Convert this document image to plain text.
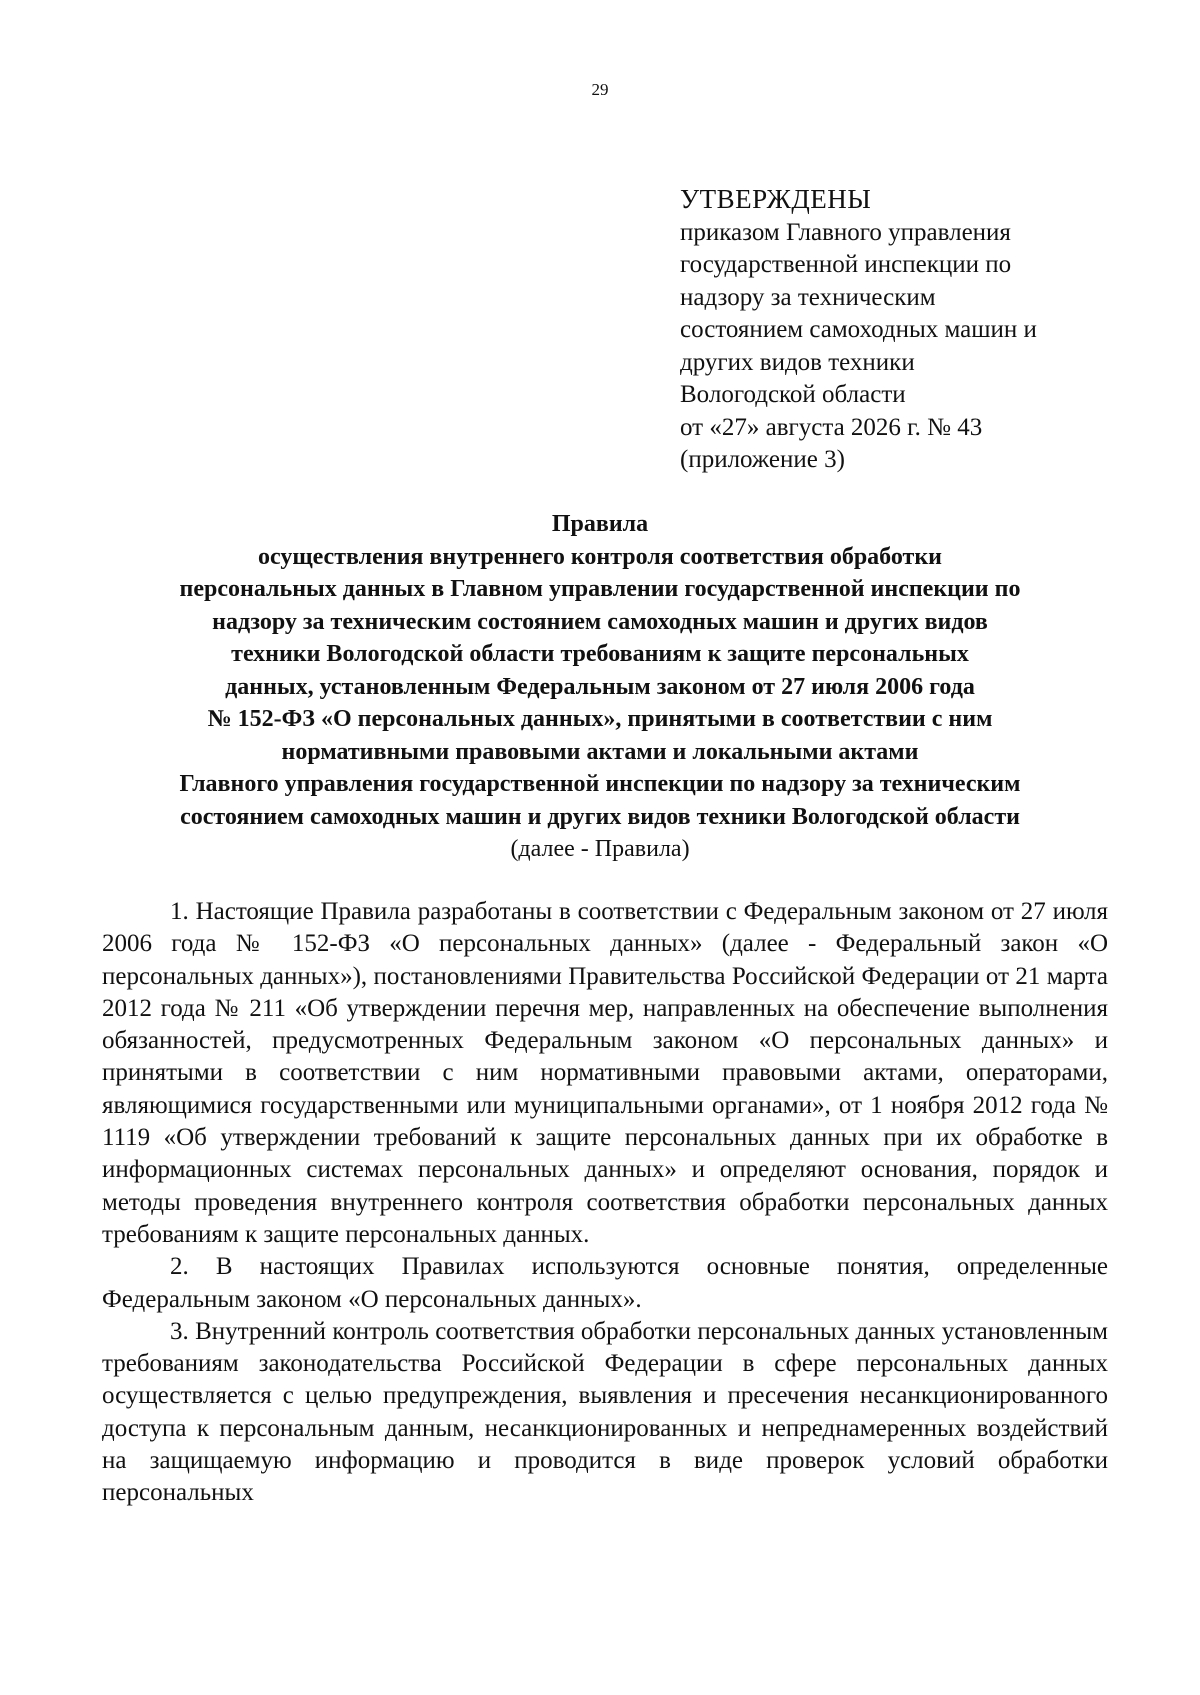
29
УТВЕРЖДЕНЫ
приказом Главного управления
государственной инспекции по
надзору за техническим
состоянием самоходных машин и
других видов техники
Вологодской области
от «27» августа 2026 г. № 43
(приложение 3)
Правила
осуществления внутреннего контроля соответствия обработки
персональных данных в Главном управлении государственной инспекции по
надзору за техническим состоянием самоходных машин и других видов
техники Вологодской области требованиям к защите персональных
данных, установленным Федеральным законом от 27 июля 2006 года
№ 152-ФЗ «О персональных данных», принятыми в соответствии с ним
нормативными правовыми актами и локальными актами
Главного управления государственной инспекции по надзору за техническим
состоянием самоходных машин и других видов техники Вологодской области
(далее - Правила)

1. Настоящие Правила разработаны в соответствии с Федеральным законом от 27 июля 2006 года № 152-ФЗ «О персональных данных» (далее - Федеральный закон «О персональных данных»), постановлениями Правительства Российской Федерации от 21 марта 2012 года № 211 «Об утверждении перечня мер, направленных на обеспечение выполнения обязанностей, предусмотренных Федеральным законом «О персональных данных» и принятыми в соответствии с ним нормативными правовыми актами, операторами, являющимися государственными или муниципальными органами», от 1 ноября 2012 года № 1119 «Об утверждении требований к защите персональных данных при их обработке в информационных системах персональных данных» и определяют основания, порядок и методы проведения внутреннего контроля соответствия обработки персональных данных требованиям к защите персональных данных.

2. В настоящих Правилах используются основные понятия, определенные Федеральным законом «О персональных данных».

3. Внутренний контроль соответствия обработки персональных данных установленным требованиям законодательства Российской Федерации в сфере персональных данных осуществляется с целью предупреждения, выявления и пресечения несанкционированного доступа к персональным данным, несанкционированных и непреднамеренных воздействий на защищаемую информацию и проводится в виде проверок условий обработки персональных
